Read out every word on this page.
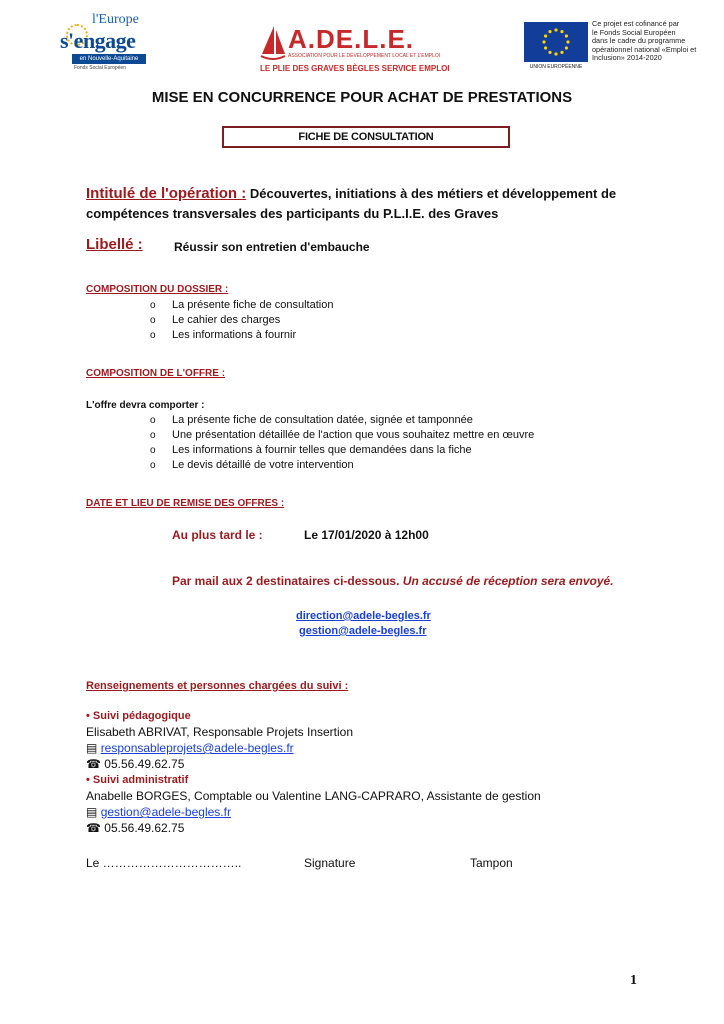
l'Europe
s'engage
en Nouvelle-Aquitaine
Fonds Social Européen
A.DE.L.E.
ASSOCIATION POUR LE DÉVELOPPEMENT LOCAL ET L'EMPLOI
LE PLIE DES GRAVES BÈGLES SERVICE EMPLOI	UNION EUROPÉENNE
Ce projet est cofinancé par
le Fonds Social Européen
dans le cadre du programme
opérationnel national «Emploi et
Inclusion» 2014-2020
MISE EN CONCURRENCE POUR ACHAT DE PRESTATIONS
FICHE DE CONSULTATION
Intitulé de l'opération : Découvertes, initiations à des métiers et développement de compétences transversales des participants du P.L.I.E. des Graves
Libellé :	Réussir son entretien d'embauche
COMPOSITION DU DOSSIER :
o La présente fiche de consultation
o Le cahier des charges
o Les informations à fournir
COMPOSITION DE L'OFFRE :
L'offre devra comporter :
o La présente fiche de consultation datée, signée et tamponnée
o Une présentation détaillée de l'action que vous souhaitez mettre en œuvre
o Les informations à fournir telles que demandées dans la fiche
o Le devis détaillé de votre intervention
DATE ET LIEU DE REMISE DES OFFRES :
Au plus tard le :	Le 17/01/2020 à 12h00
Par mail aux 2 destinataires ci-dessous. Un accusé de réception sera envoyé.
direction@adele-begles.fr
gestion@adele-begles.fr
Renseignements et personnes chargées du suivi :
• Suivi pédagogique
Elisabeth ABRIVAT, Responsable Projets Insertion
▤ responsableprojets@adele-begles.fr
☎ 05.56.49.62.75
• Suivi administratif
Anabelle BORGES, Comptable ou Valentine LANG-CAPRARO, Assistante de gestion
▤ gestion@adele-begles.fr
☎ 05.56.49.62.75
Le ……………………………..	Signature	Tampon
1
